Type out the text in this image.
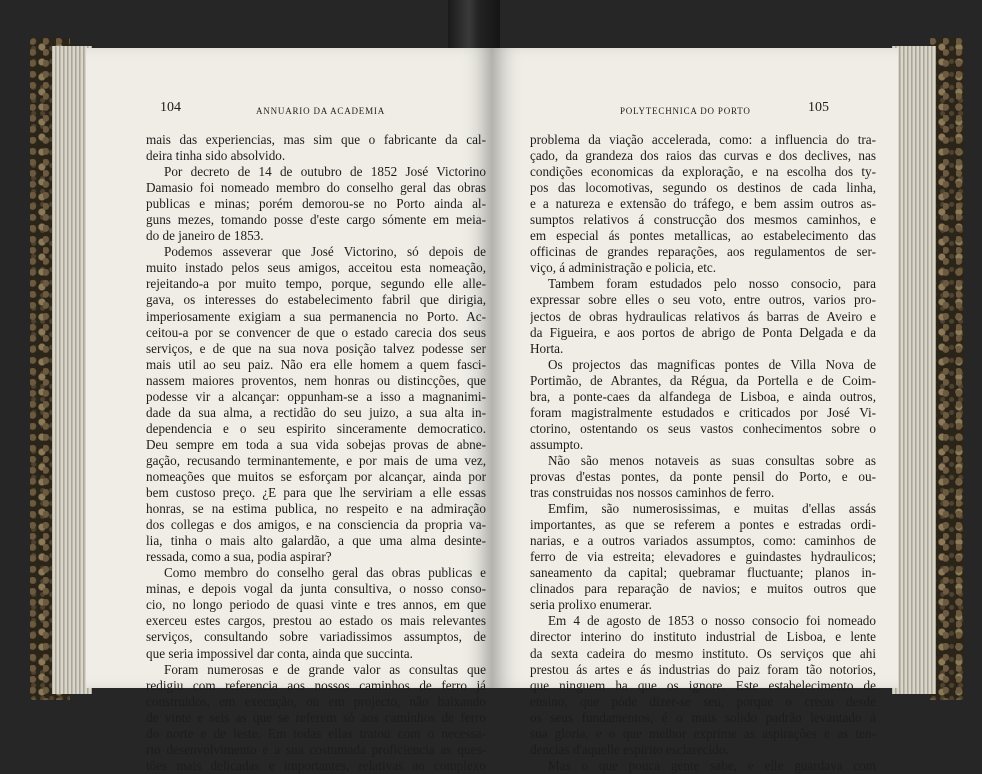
104	ANNUARIO DA ACADEMIA
mais das experiencias, mas sim que o fabricante da cal-
deira tinha sido absolvido.
Por decreto de 14 de outubro de 1852 José Victorino
Damasio foi nomeado membro do conselho geral das obras
publicas e minas; porém demorou-se no Porto ainda al-
guns mezes, tomando posse d'este cargo sómente em meia-
do de janeiro de 1853.
Podemos asseverar que José Victorino, só depois de
muito instado pelos seus amigos, acceitou esta nomeação,
rejeitando-a por muito tempo, porque, segundo elle alle-
gava, os interesses do estabelecimento fabril que dirigia,
imperiosamente exigiam a sua permanencia no Porto. Ac-
ceitou-a por se convencer de que o estado carecia dos seus
serviços, e de que na sua nova posição talvez podesse ser
mais util ao seu paiz. Não era elle homem a quem fasci-
nassem maiores proventos, nem honras ou distincções, que
podesse vir a alcançar: oppunham-se a isso a magnanimi-
dade da sua alma, a rectidão do seu juizo, a sua alta in-
dependencia e o seu espirito sinceramente democratico.
Deu sempre em toda a sua vida sobejas provas de abne-
gação, recusando terminantemente, e por mais de uma vez,
nomeações que muitos se esforçam por alcançar, ainda por
bem custoso preço. ¿E para que lhe serviriam a elle essas
honras, se na estima publica, no respeito e na admiração
dos collegas e dos amigos, e na consciencia da propria va-
lia, tinha o mais alto galardão, a que uma alma desinte-
ressada, como a sua, podia aspirar?
Como membro do conselho geral das obras publicas e
minas, e depois vogal da junta consultiva, o nosso conso-
cio, no longo periodo de quasi vinte e tres annos, em que
exerceu estes cargos, prestou ao estado os mais relevantes
serviços, consultando sobre variadissimos assumptos, de
que seria impossivel dar conta, ainda que succinta.
Foram numerosas e de grande valor as consultas que
redigiu com referencia aos nossos caminhos de ferro já
construidos, em execução, ou em projecto, não baixando
de vinte e seis as que se referem só aos caminhos de ferro
do norte e de leste. Em todas ellas tratou com o necessa-
rio desenvolvimento e a sua costumada proficiencia as ques-
tões mais delicadas e importantes, relativas ao complexo
POLYTECHNICA DO PORTO	105
problema da viação accelerada, como: a influencia do tra-
çado, da grandeza dos raios das curvas e dos declives, nas
condições economicas da exploração, e na escolha dos ty-
pos das locomotivas, segundo os destinos de cada linha,
e a natureza e extensão do tráfego, e bem assim outros as-
sumptos relativos á construcção dos mesmos caminhos, e
em especial ás pontes metallicas, ao estabelecimento das
officinas de grandes reparações, aos regulamentos de ser-
viço, á administração e policia, etc.
Tambem foram estudados pelo nosso consocio, para
expressar sobre elles o seu voto, entre outros, varios pro-
jectos de obras hydraulicas relativos ás barras de Aveiro e
da Figueira, e aos portos de abrigo de Ponta Delgada e da
Horta.
Os projectos das magnificas pontes de Villa Nova de
Portimão, de Abrantes, da Régua, da Portella e de Coim-
bra, a ponte-caes da alfandega de Lisboa, e ainda outros,
foram magistralmente estudados e criticados por José Vi-
ctorino, ostentando os seus vastos conhecimentos sobre o
assumpto.
Não são menos notaveis as suas consultas sobre as
provas d'estas pontes, da ponte pensil do Porto, e ou-
tras construidas nos nossos caminhos de ferro.
Emfim, são numerosissimas, e muitas d'ellas assás
importantes, as que se referem a pontes e estradas ordi-
narias, e a outros variados assumptos, como: caminhos de
ferro de via estreita; elevadores e guindastes hydraulicos;
saneamento da capital; quebramar fluctuante; planos in-
clinados para reparação de navios; e muitos outros que
seria prolixo enumerar.
Em 4 de agosto de 1853 o nosso consocio foi nomeado
director interino do instituto industrial de Lisboa, e lente
da sexta cadeira do mesmo instituto. Os serviços que ahi
prestou ás artes e ás industrias do paiz foram tão notorios,
que ninguem ha que os ignore. Este estabelecimento de
ensino, que póde dizer-se seu, porque o creou desde
os seus fundamentos, é o mais solido padrão levantado á
sua gloria, e o que melhor exprime as aspirações e as ten-
dencias d'aquelle espirito esclarecido.
Mas o que pouca gente sabe, e elle guardava com
